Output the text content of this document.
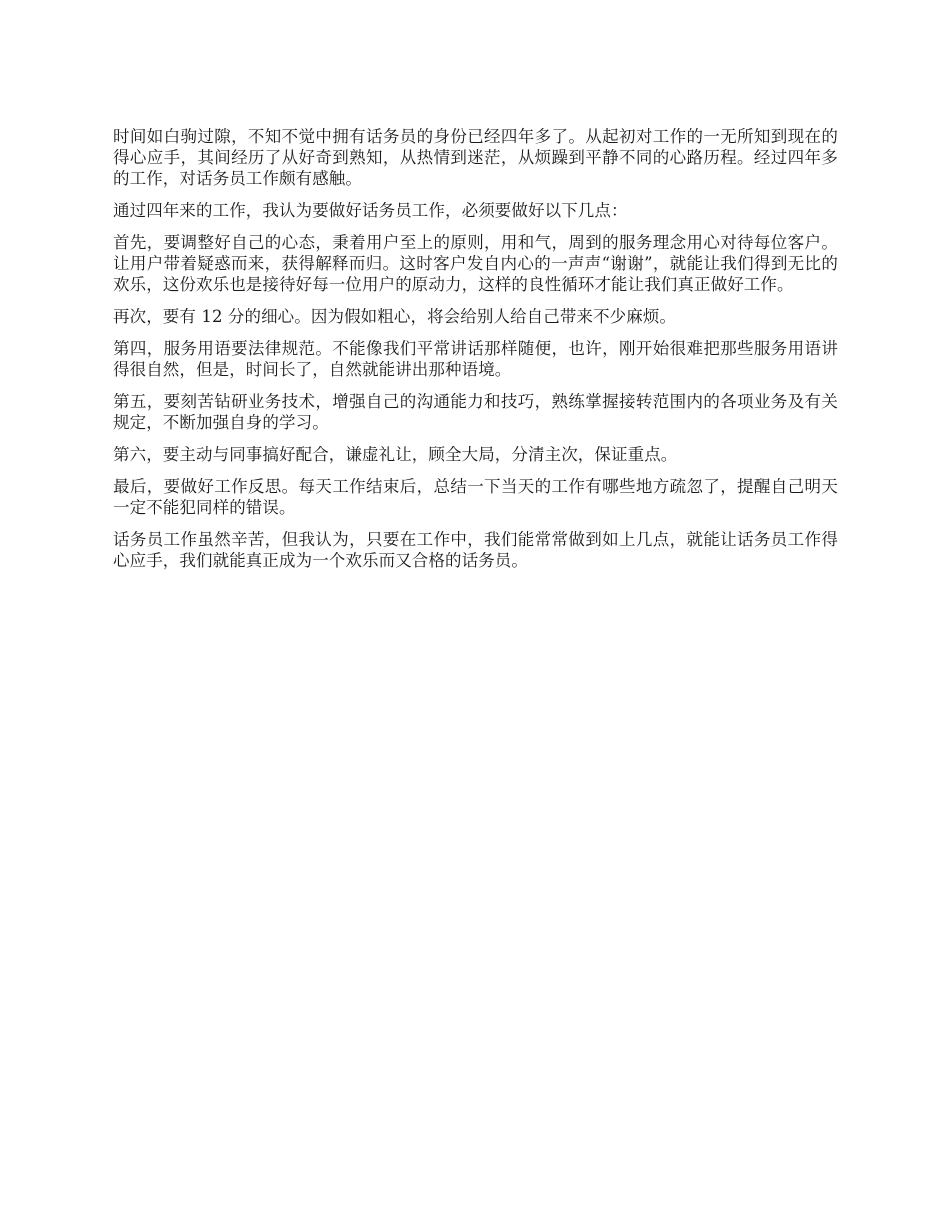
时间如白驹过隙，不知不觉中拥有话务员的身份已经四年多了。从起初对工作的一无所知到现在的得心应手，其间经历了从好奇到熟知，从热情到迷茫，从烦躁到平静不同的心路历程。经过四年多的工作，对话务员工作颇有感触。

通过四年来的工作，我认为要做好话务员工作，必须要做好以下几点：

首先，要调整好自己的心态，秉着用户至上的原则，用和气，周到的服务理念用心对待每位客户。让用户带着疑惑而来，获得解释而归。这时客户发自内心的一声声“谢谢”，就能让我们得到无比的欢乐，这份欢乐也是接待好每一位用户的原动力，这样的良性循环才能让我们真正做好工作。

再次，要有 12 分的细心。因为假如粗心，将会给别人给自己带来不少麻烦。

第四，服务用语要法律规范。不能像我们平常讲话那样随便，也许，刚开始很难把那些服务用语讲得很自然，但是，时间长了，自然就能讲出那种语境。

第五，要刻苦钻研业务技术，增强自己的沟通能力和技巧，熟练掌握接转范围内的各项业务及有关规定，不断加强自身的学习。

第六，要主动与同事搞好配合，谦虚礼让，顾全大局，分清主次，保证重点。

最后，要做好工作反思。每天工作结束后，总结一下当天的工作有哪些地方疏忽了，提醒自己明天一定不能犯同样的错误。

话务员工作虽然辛苦，但我认为，只要在工作中，我们能常常做到如上几点，就能让话务员工作得心应手，我们就能真正成为一个欢乐而又合格的话务员。
